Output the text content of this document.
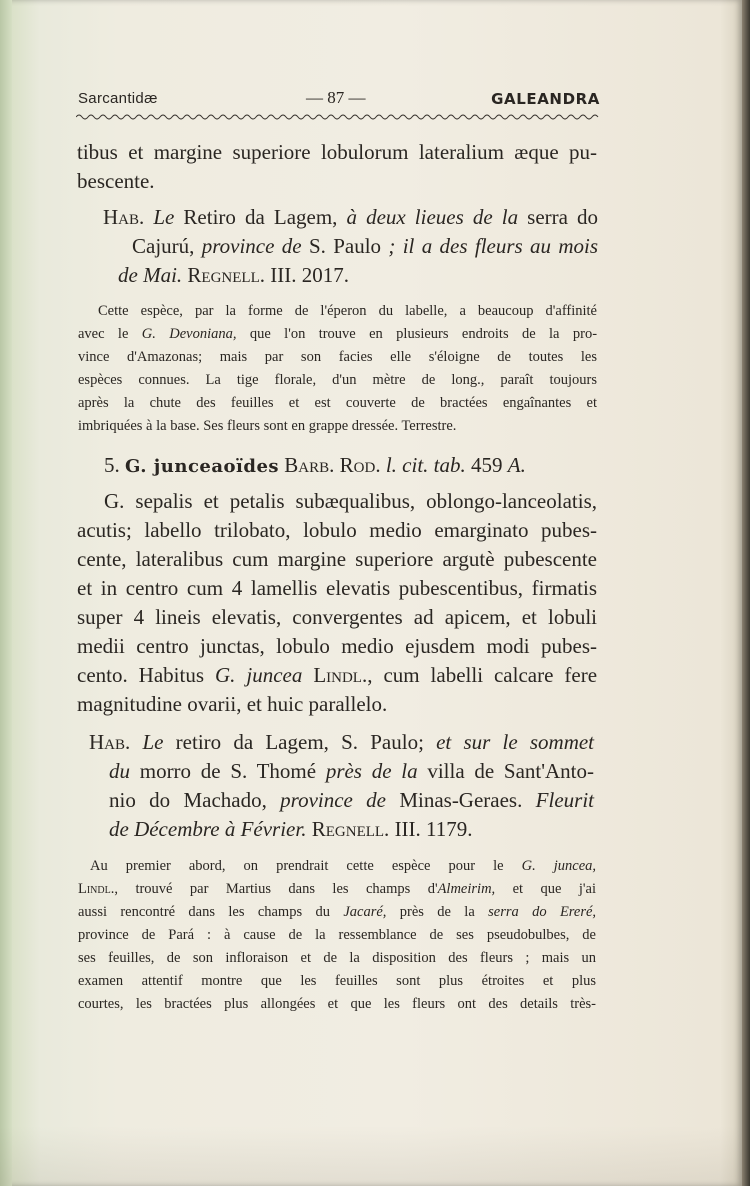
Sarcantidæ	— 87 —	GALEANDRA
tibus et margine superiore lobulorum lateralium æque pu-
bescente.
Hab. Le Retiro da Lagem, à deux lieues de la serra do
Cajurú, province de S. Paulo ; il a des fleurs au mois
de Mai. Regnell. III. 2017.
Cette espèce, par la forme de l'éperon du labelle, a beaucoup d'affinité
avec le G. Devoniana, que l'on trouve en plusieurs endroits de la pro-
vince d'Amazonas; mais par son facies elle s'éloigne de toutes les
espèces connues. La tige florale, d'un mètre de long., paraît toujours
après la chute des feuilles et est couverte de bractées engaînantes et
imbriquées à la base. Ses fleurs sont en grappe dressée. Terrestre.
5. G. junceaoïdes Barb. Rod. l. cit. tab. 459 A.
G. sepalis et petalis subæqualibus, oblongo-lanceolatis,
acutis; labello trilobato, lobulo medio emarginato pubes-
cente, lateralibus cum margine superiore argutè pubescente
et in centro cum 4 lamellis elevatis pubescentibus, firmatis
super 4 lineis elevatis, convergentes ad apicem, et lobuli
medii centro junctas, lobulo medio ejusdem modi pubes-
cento. Habitus G. juncea Lindl., cum labelli calcare fere
magnitudine ovarii, et huic parallelo.
Hab. Le retiro da Lagem, S. Paulo; et sur le sommet
du morro de S. Thomé près de la villa de Sant'Anto-
nio do Machado, province de Minas-Geraes. Fleurit
de Décembre à Février. Regnell. III. 1179.
Au premier abord, on prendrait cette espèce pour le G. juncea,
Lindl., trouvé par Martius dans les champs d'Almeirim, et que j'ai
aussi rencontré dans les champs du Jacaré, près de la serra do Ereré,
province de Pará : à cause de la ressemblance de ses pseudobulbes, de
ses feuilles, de son infloraison et de la disposition des fleurs ; mais un
examen attentif montre que les feuilles sont plus étroites et plus
courtes, les bractées plus allongées et que les fleurs ont des details très-
